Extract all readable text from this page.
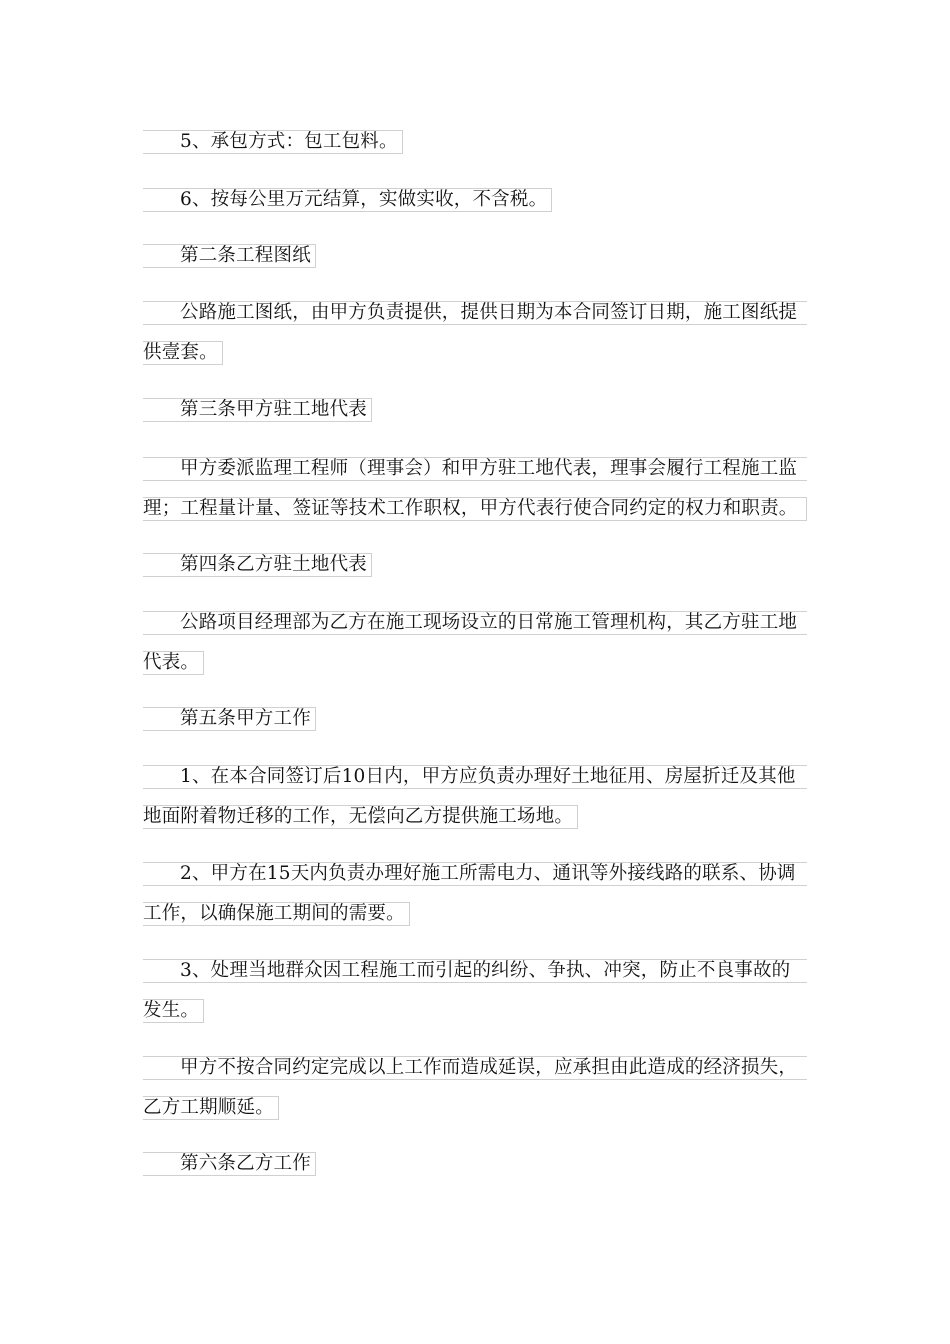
5、承包方式：包工包料。
6、按每公里万元结算，实做实收，不含税。
第二条工程图纸
公路施工图纸，由甲方负责提供，提供日期为本合同签订日期，施工图纸提
供壹套。
第三条甲方驻工地代表
甲方委派监理工程师（理事会）和甲方驻工地代表，理事会履行工程施工监
理；工程量计量、签证等技术工作职权，甲方代表行使合同约定的权力和职责。
第四条乙方驻土地代表
公路项目经理部为乙方在施工现场设立的日常施工管理机构，其乙方驻工地
代表。
第五条甲方工作
1、在本合同签订后10日内，甲方应负责办理好土地征用、房屋折迁及其他
地面附着物迁移的工作，无偿向乙方提供施工场地。
2、甲方在15天内负责办理好施工所需电力、通讯等外接线路的联系、协调
工作，以确保施工期间的需要。
3、处理当地群众因工程施工而引起的纠纷、争执、冲突，防止不良事故的
发生。
甲方不按合同约定完成以上工作而造成延误，应承担由此造成的经济损失，
乙方工期顺延。
第六条乙方工作
